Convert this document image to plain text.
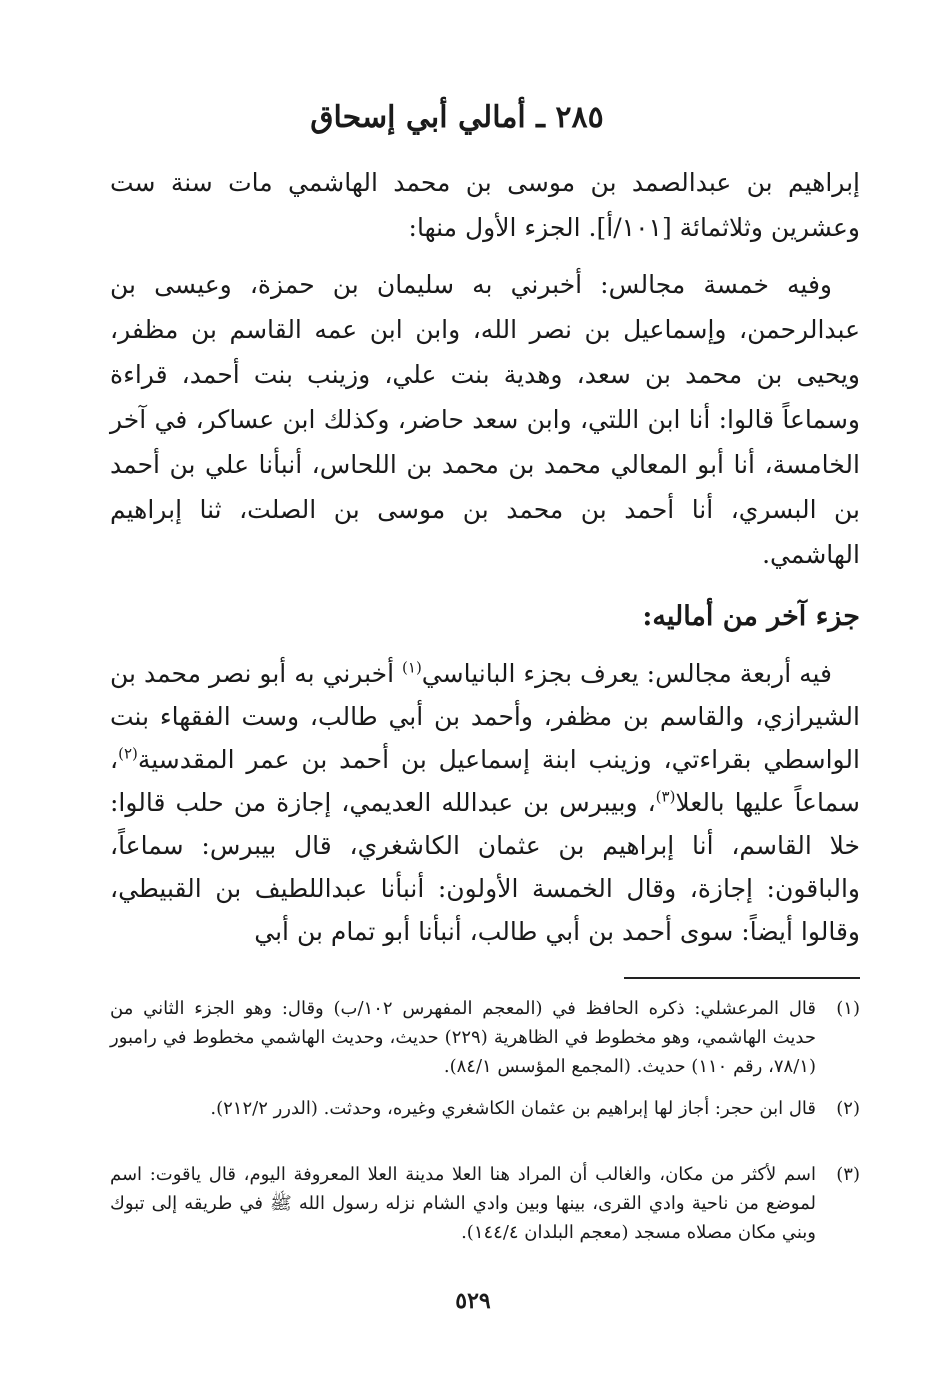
٢٨٥ ـ أمالي أبي إسحاق

إبراهيم بن عبدالصمد بن موسى بن محمد الهاشمي مات سنة ست وعشرين وثلاثمائة [١٠١/أ]. الجزء الأول منها:

وفيه خمسة مجالس: أخبرني به سليمان بن حمزة، وعيسى بن عبدالرحمن، وإسماعيل بن نصر الله، وابن ابن عمه القاسم بن مظفر، ويحيى بن محمد بن سعد، وهدية بنت علي، وزينب بنت أحمد، قراءة وسماعاً قالوا: أنا ابن اللتي، وابن سعد حاضر، وكذلك ابن عساكر، في آخر الخامسة، أنا أبو المعالي محمد بن محمد بن اللحاس، أنبأنا علي بن أحمد بن البسري، أنا أحمد بن محمد بن موسى بن الصلت، ثنا إبراهيم الهاشمي.

جزء آخر من أماليه:

فيه أربعة مجالس: يعرف بجزء البانياسي$^{(١)}$ أخبرني به أبو نصر محمد بن الشيرازي، والقاسم بن مظفر، وأحمد بن أبي طالب، وست الفقهاء بنت الواسطي بقراءتي، وزينب ابنة إسماعيل بن أحمد بن عمر المقدسية$^{(٢)}$، سماعاً عليها بالعلا$^{(٣)}$، وبيبرس بن عبدالله العديمي، إجازة من حلب قالوا: خلا القاسم، أنا إبراهيم بن عثمان الكاشغري، قال بيبرس: سماعاً، والباقون: إجازة، وقال الخمسة الأولون: أنبأنا عبداللطيف بن القبيطي، وقالوا أيضاً: سوى أحمد بن أبي طالب، أنبأنا أبو تمام بن أبي

(١)
قال المرعشلي: ذكره الحافظ في (المعجم المفهرس ١٠٢/ب) وقال: وهو الجزء الثاني من حديث الهاشمي، وهو مخطوط في الظاهرية (٢٢٩) حديث، وحديث الهاشمي مخطوط في رامبور (٧٨/١، رقم ١١٠) حديث. (المجمع المؤسس ٨٤/١).
(٢)
قال ابن حجر: أجاز لها إبراهيم بن عثمان الكاشغري وغيره، وحدثت. (الدرر ٢١٢/٢).
(٣)
اسم لأكثر من مكان، والغالب أن المراد هنا العلا مدينة العلا المعروفة اليوم، قال ياقوت: اسم لموضع من ناحية وادي القرى، بينها وبين وادي الشام نزله رسول الله ﷺ في طريقه إلى تبوك وبني مكان مصلاه مسجد (معجم البلدان ١٤٤/٤).
٥٢٩
